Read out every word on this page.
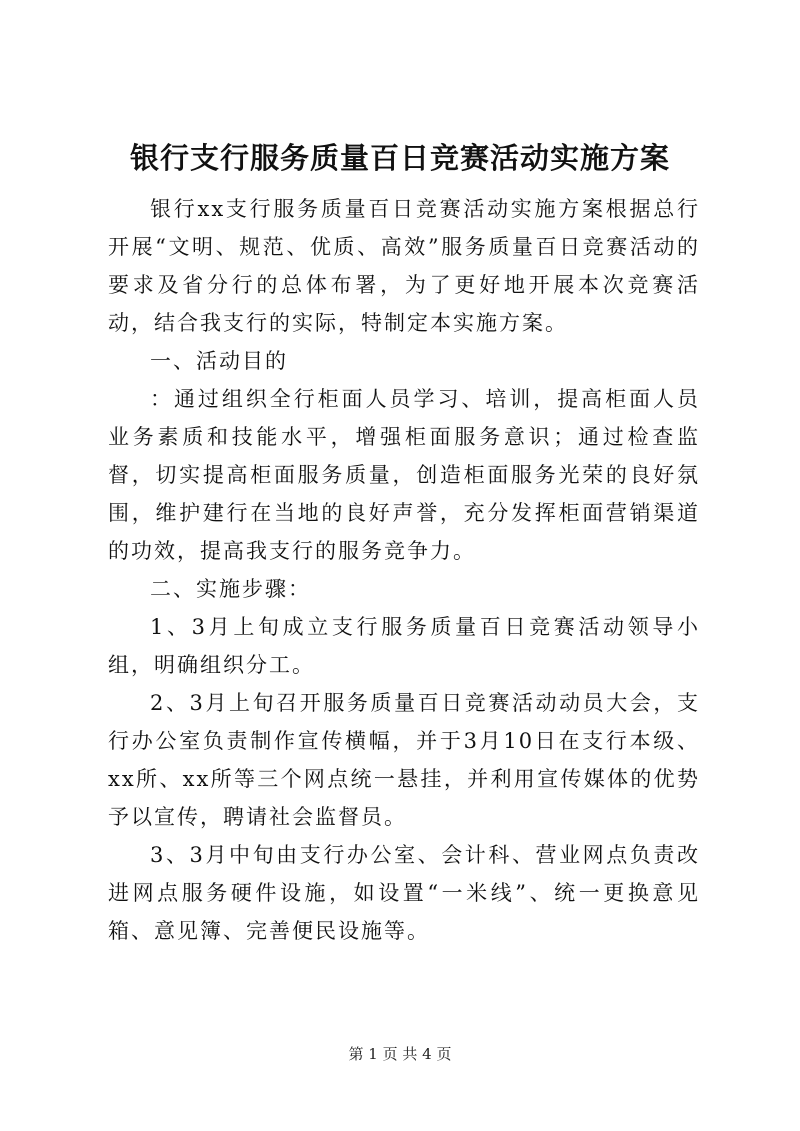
银行支行服务质量百日竞赛活动实施方案

银行xx支行服务质量百日竞赛活动实施方案根据总行开展“文明、规范、优质、高效”服务质量百日竞赛活动的要求及省分行的总体布署，为了更好地开展本次竞赛活动，结合我支行的实际，特制定本实施方案。

一、活动目的

：通过组织全行柜面人员学习、培训，提高柜面人员业务素质和技能水平，增强柜面服务意识；通过检查监督，切实提高柜面服务质量，创造柜面服务光荣的良好氛围，维护建行在当地的良好声誉，充分发挥柜面营销渠道的功效，提高我支行的服务竞争力。

二、实施步骤：

1、3月上旬成立支行服务质量百日竞赛活动领导小组，明确组织分工。

2、3月上旬召开服务质量百日竞赛活动动员大会，支行办公室负责制作宣传横幅，并于3月10日在支行本级、xx所、xx所等三个网点统一悬挂，并利用宣传媒体的优势予以宣传，聘请社会监督员。

3、3月中旬由支行办公室、会计科、营业网点负责改进网点服务硬件设施，如设置“一米线”、统一更换意见箱、意见簿、完善便民设施等。

第 1 页 共 4 页
